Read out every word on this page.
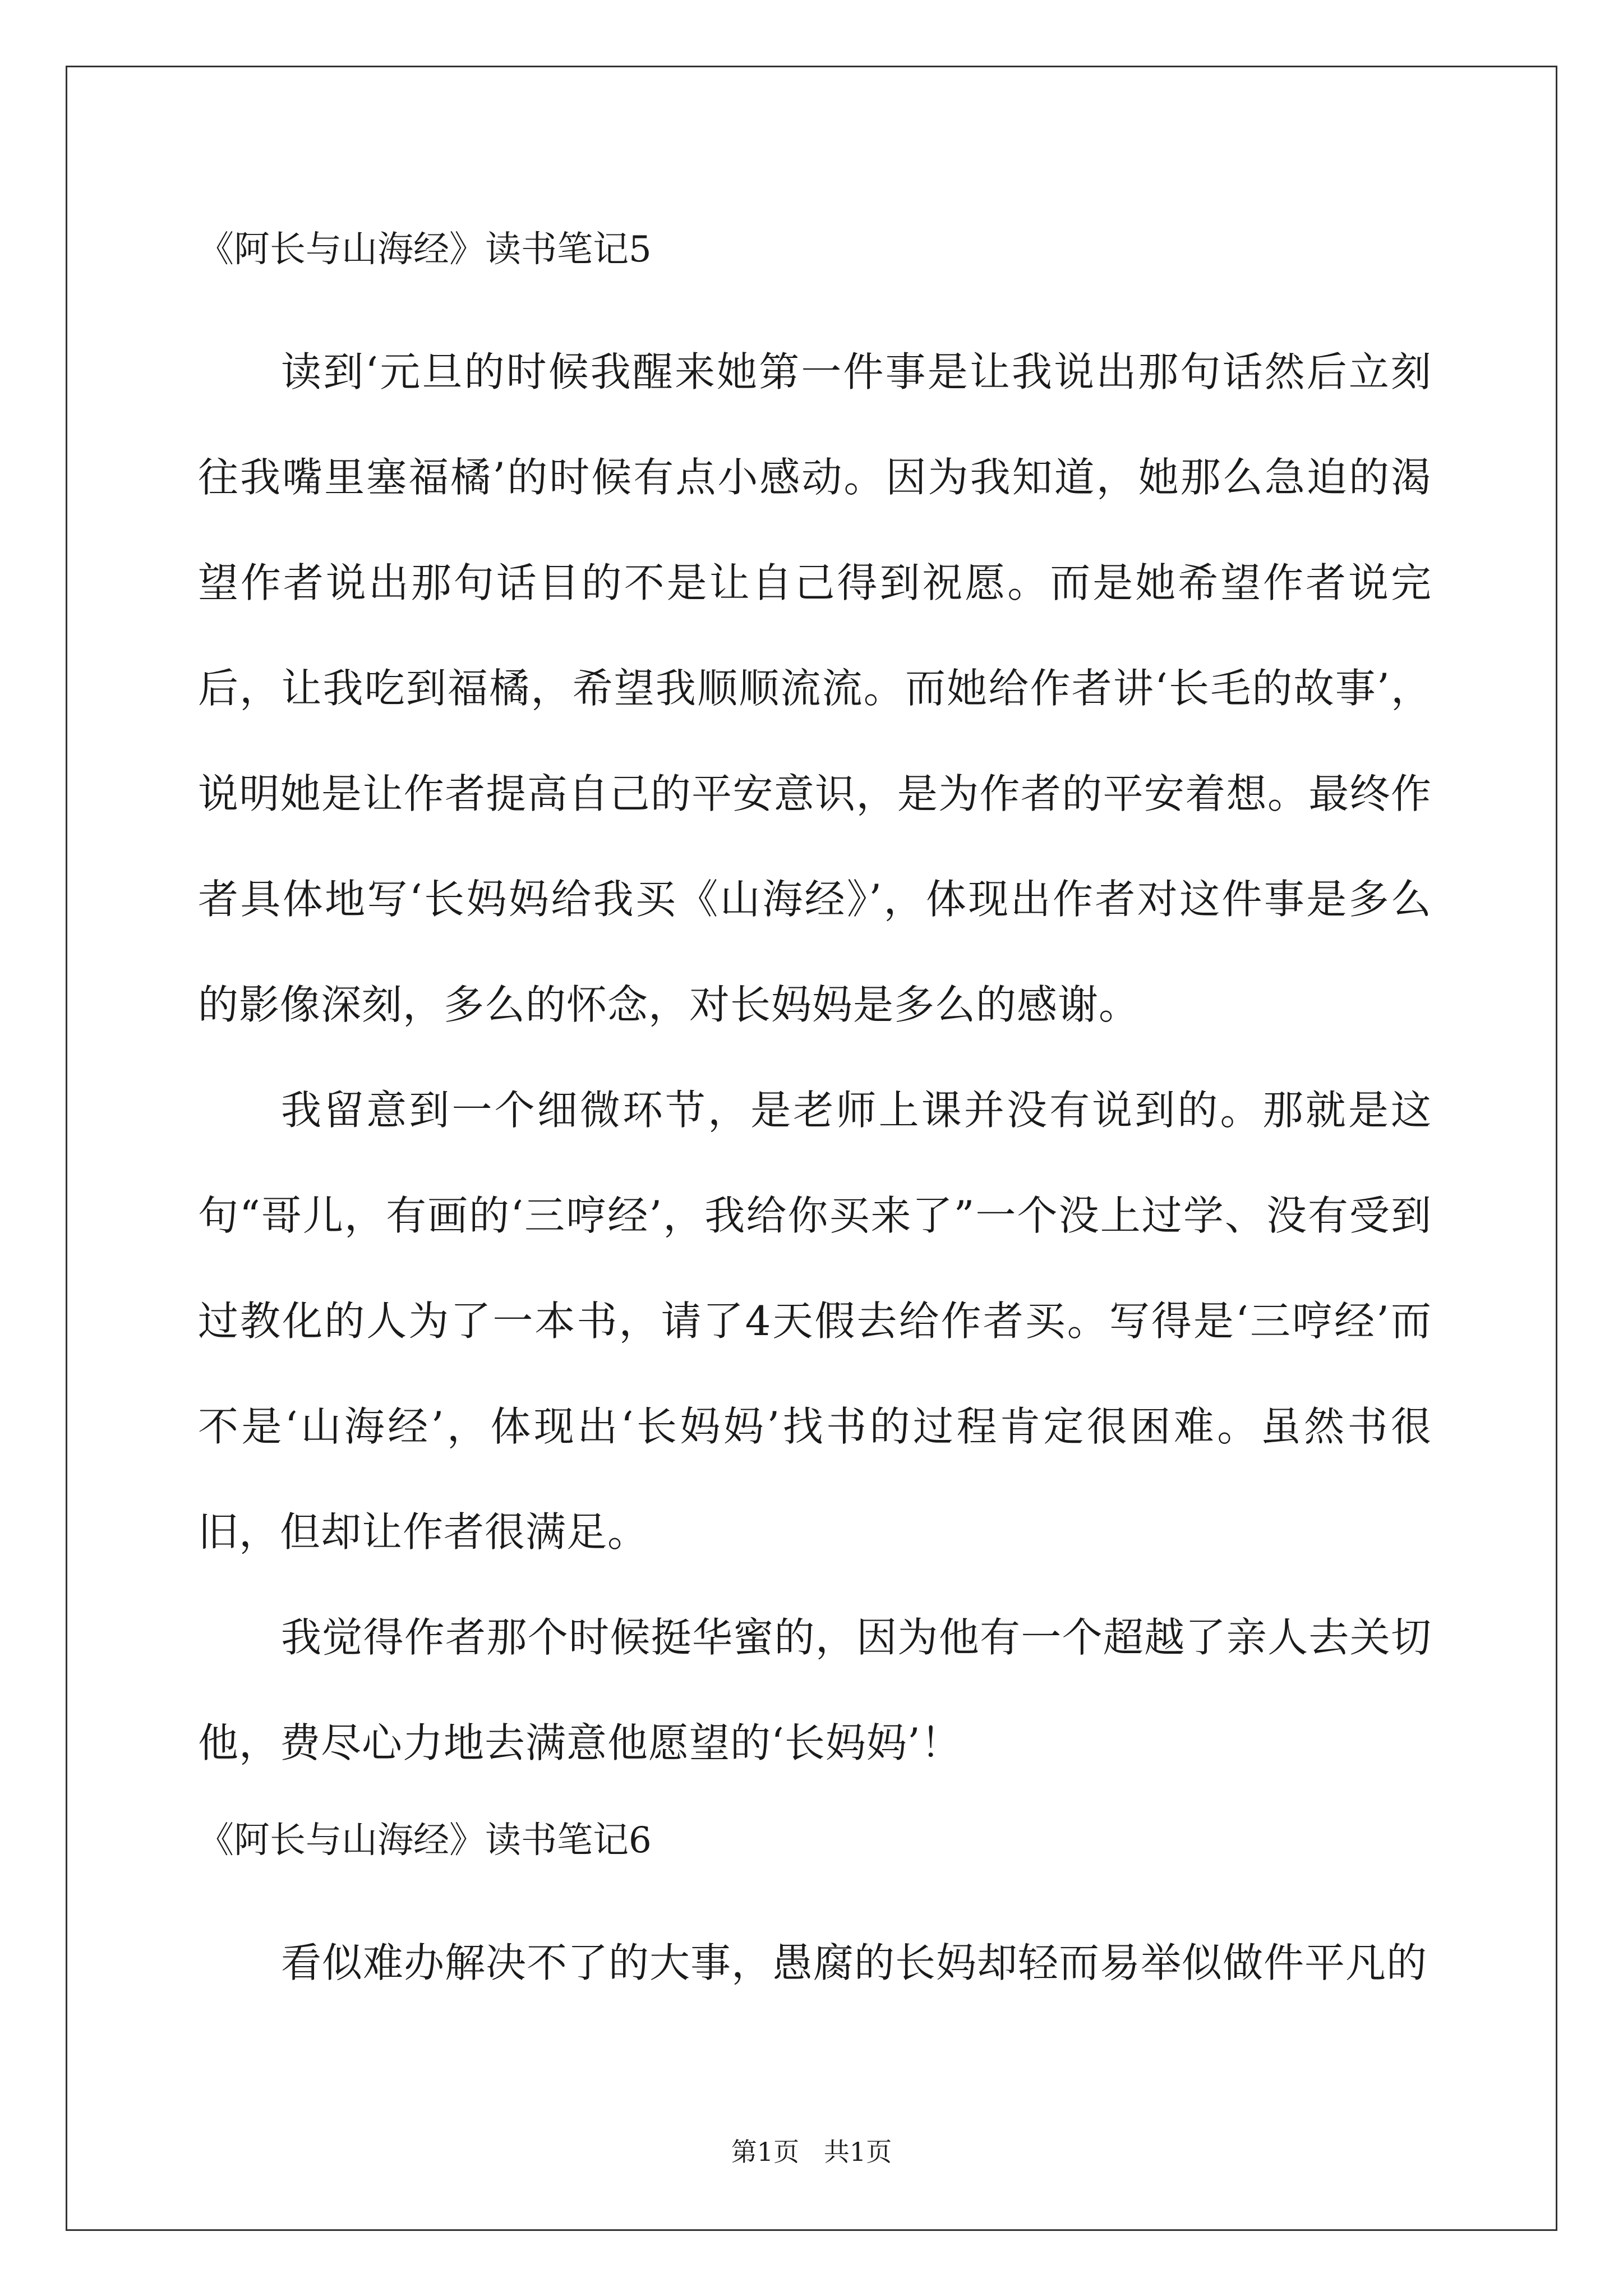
《阿长与山海经》读书笔记5

读到‘元旦的时候我醒来她第一件事是让我说出那句话然后立刻往我嘴里塞福橘’的时候有点小感动。因为我知道，她那么急迫的渴望作者说出那句话目的不是让自己得到祝愿。而是她希望作者说完后，让我吃到福橘，希望我顺顺流流。而她给作者讲‘长毛的故事’，说明她是让作者提高自己的平安意识，是为作者的平安着想。最终作者具体地写‘长妈妈给我买《山海经》’，体现出作者对这件事是多么的影像深刻，多么的怀念，对长妈妈是多么的感谢。

我留意到一个细微环节，是老师上课并没有说到的。那就是这句“哥儿，有画的‘三哼经’，我给你买来了”一个没上过学、没有受到过教化的人为了一本书，请了4天假去给作者买。写得是‘三哼经’而不是‘山海经’，体现出‘长妈妈’找书的过程肯定很困难。虽然书很旧，但却让作者很满足。

我觉得作者那个时候挺华蜜的，因为他有一个超越了亲人去关切他，费尽心力地去满意他愿望的‘长妈妈’！

《阿长与山海经》读书笔记6

看似难办解决不了的大事，愚腐的长妈却轻而易举似做件平凡的

第1页   共1页
